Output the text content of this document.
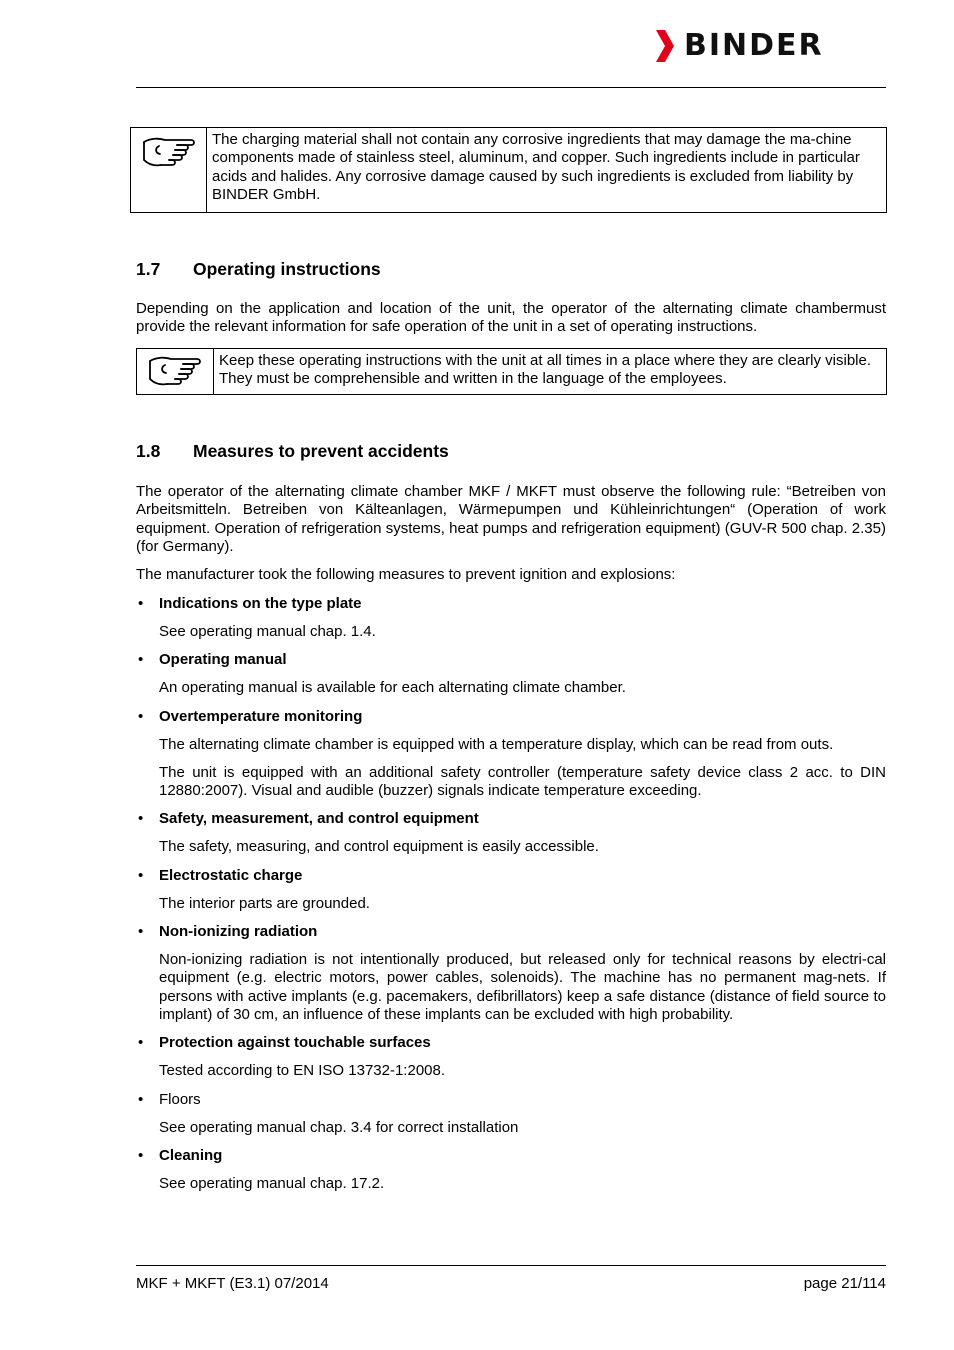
BINDER
The charging material shall not contain any corrosive ingredients that may damage the ma-chine components made of stainless steel, aluminum, and copper. Such ingredients include in particular acids and halides. Any corrosive damage caused by such ingredients is excluded from liability by BINDER GmbH.
1.7 Operating instructions
Depending on the application and location of the unit, the operator of the alternating climate chambermust provide the relevant information for safe operation of the unit in a set of operating instructions.
Keep these operating instructions with the unit at all times in a place where they are clearly visible. They must be comprehensible and written in the language of the employees.
1.8 Measures to prevent accidents
The operator of the alternating climate chamber MKF / MKFT must observe the following rule: “Betreiben von Arbeitsmitteln. Betreiben von Kälteanlagen, Wärmepumpen und Kühleinrichtungen“ (Operation of work equipment. Operation of refrigeration systems, heat pumps and refrigeration equipment) (GUV-R 500 chap. 2.35) (for Germany).
The manufacturer took the following measures to prevent ignition and explosions:
• Indications on the type plate
See operating manual chap. 1.4.
• Operating manual
An operating manual is available for each alternating climate chamber.
• Overtemperature monitoring
The alternating climate chamber is equipped with a temperature display, which can be read from outs.
The unit is equipped with an additional safety controller (temperature safety device class 2 acc. to DIN 12880:2007). Visual and audible (buzzer) signals indicate temperature exceeding.
• Safety, measurement, and control equipment
The safety, measuring, and control equipment is easily accessible.
• Electrostatic charge
The interior parts are grounded.
• Non-ionizing radiation
Non-ionizing radiation is not intentionally produced, but released only for technical reasons by electri-cal equipment (e.g. electric motors, power cables, solenoids). The machine has no permanent mag-nets. If persons with active implants (e.g. pacemakers, defibrillators) keep a safe distance (distance of field source to implant) of 30 cm, an influence of these implants can be excluded with high probability.
• Protection against touchable surfaces
Tested according to EN ISO 13732-1:2008.
• Floors
See operating manual chap. 3.4 for correct installation
• Cleaning
See operating manual chap. 17.2.
MKF + MKFT (E3.1) 07/2014	page 21/114
